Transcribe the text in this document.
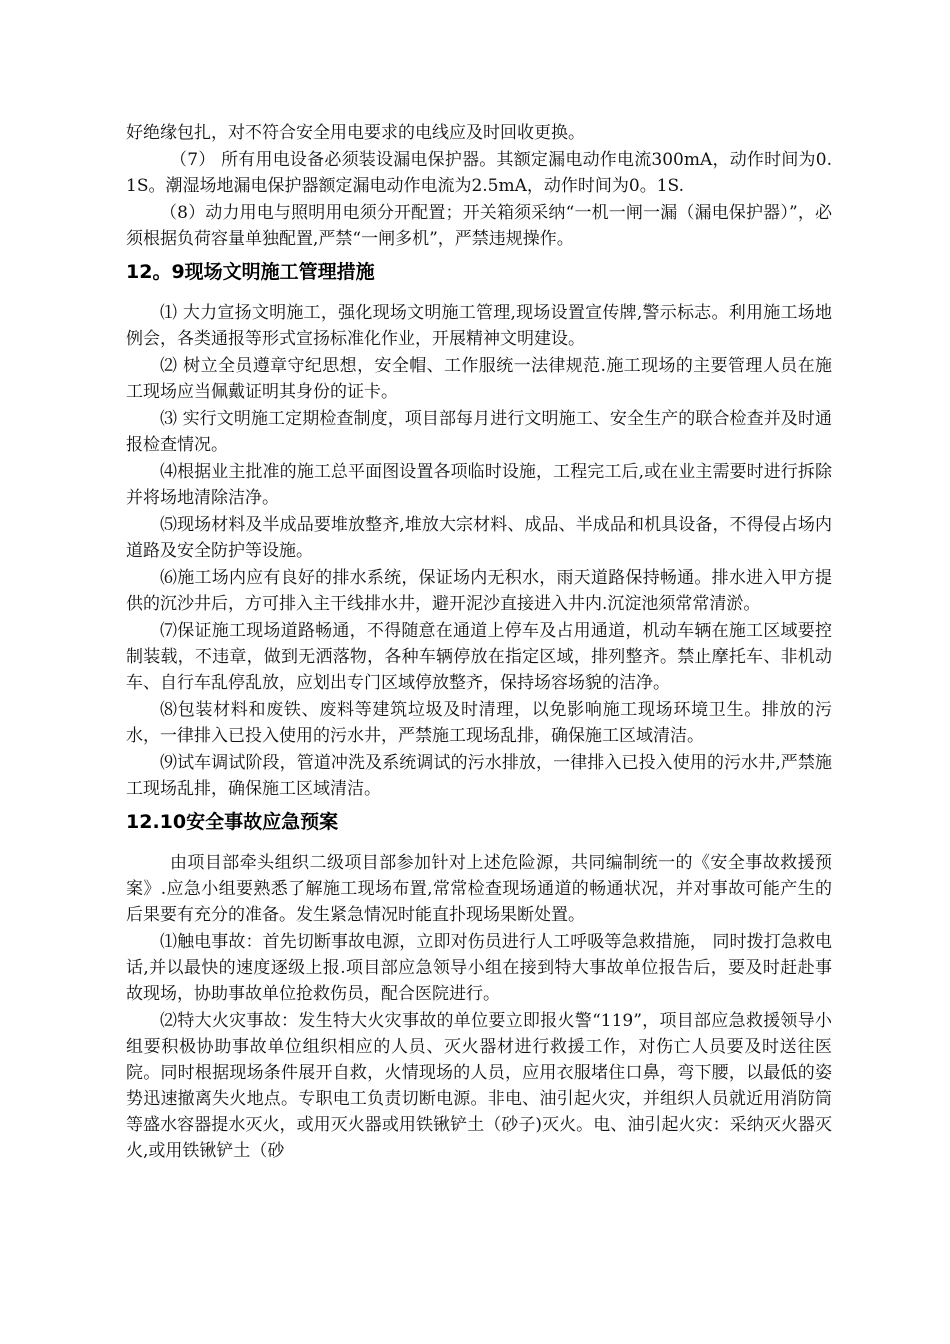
好绝缘包扎，对不符合安全用电要求的电线应及时回收更换。

（7） 所有用电设备必须装设漏电保护器。其额定漏电动作电流300mA，动作时间为0.1S。潮湿场地漏电保护器额定漏电动作电流为2.5mA，动作时间为0。1S.

（8）动力用电与照明用电须分开配置；开关箱须采纳“一机一闸一漏（漏电保护器）”，必须根据负荷容量单独配置,严禁“一闸多机”，严禁违规操作。

12。9现场文明施工管理措施

⑴ 大力宣扬文明施工，强化现场文明施工管理,现场设置宣传牌,警示标志。利用施工场地例会，各类通报等形式宣扬标准化作业，开展精神文明建设。

⑵ 树立全员遵章守纪思想，安全帽、工作服统一法律规范.施工现场的主要管理人员在施工现场应当佩戴证明其身份的证卡。

⑶ 实行文明施工定期检查制度，项目部每月进行文明施工、安全生产的联合检查并及时通报检查情况。

⑷根据业主批准的施工总平面图设置各项临时设施，工程完工后,或在业主需要时进行拆除并将场地清除洁净。

⑸现场材料及半成品要堆放整齐,堆放大宗材料、成品、半成品和机具设备，不得侵占场内道路及安全防护等设施。

⑹施工场内应有良好的排水系统，保证场内无积水，雨天道路保持畅通。排水进入甲方提供的沉沙井后，方可排入主干线排水井，避开泥沙直接进入井内.沉淀池须常常清淤。

⑺保证施工现场道路畅通，不得随意在通道上停车及占用通道，机动车辆在施工区域要控制装载，不违章，做到无洒落物，各种车辆停放在指定区域，排列整齐。禁止摩托车、非机动车、自行车乱停乱放，应划出专门区域停放整齐，保持场容场貌的洁净。

⑻包装材料和废铁、废料等建筑垃圾及时清理，以免影响施工现场环境卫生。排放的污水，一律排入已投入使用的污水井，严禁施工现场乱排，确保施工区域清洁。

⑼试车调试阶段，管道冲洗及系统调试的污水排放，一律排入已投入使用的污水井,严禁施工现场乱排，确保施工区域清洁。

12.10安全事故应急预案

由项目部牵头组织二级项目部参加针对上述危险源，共同编制统一的《安全事故救援预案》.应急小组要熟悉了解施工现场布置,常常检查现场通道的畅通状况，并对事故可能产生的后果要有充分的准备。发生紧急情况时能直扑现场果断处置。

⑴触电事故：首先切断事故电源，立即对伤员进行人工呼吸等急救措施， 同时拨打急救电话,并以最快的速度逐级上报.项目部应急领导小组在接到特大事故单位报告后，要及时赶赴事故现场，协助事故单位抢救伤员，配合医院进行。

⑵特大火灾事故：发生特大火灾事故的单位要立即报火警“119”，项目部应急救援领导小组要积极协助事故单位组织相应的人员、灭火器材进行救援工作，对伤亡人员要及时送往医院。同时根据现场条件展开自救，火情现场的人员，应用衣服堵住口鼻，弯下腰，以最低的姿势迅速撤离失火地点。专职电工负责切断电源。非电、油引起火灾，并组织人员就近用消防筒等盛水容器提水灭火，或用灭火器或用铁锹铲土（砂子)灭火。电、油引起火灾：采纳灭火器灭火,或用铁锹铲土（砂
